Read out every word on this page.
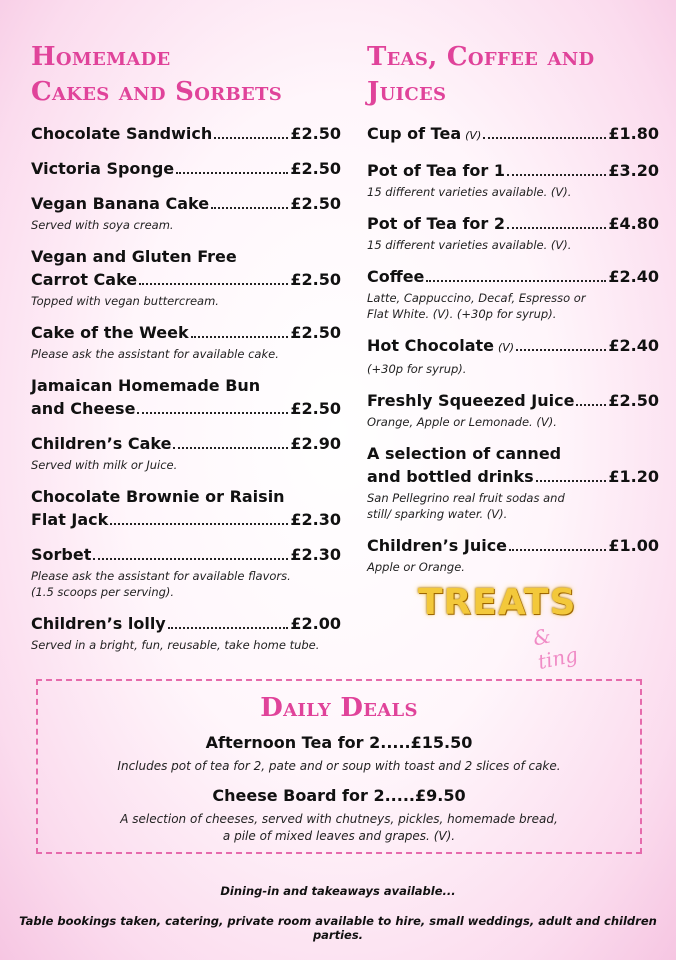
Homemade
Cakes and Sorbets
Chocolate Sandwich	£2.50
Victoria Sponge	£2.50
Vegan Banana Cake	£2.50
Served with soya cream.
Vegan and Gluten Free
Carrot Cake	£2.50
Topped with vegan buttercream.
Cake of the Week	£2.50
Please ask the assistant for available cake.
Jamaican Homemade Bun
and Cheese	£2.50
Children’s Cake	£2.90
Served with milk or Juice.
Chocolate Brownie or Raisin
Flat Jack	£2.30
Sorbet	£2.30
Please ask the assistant for available flavors.
(1.5 scoops per serving).
Children’s lolly	£2.00
Served in a bright, fun, reusable, take home tube.
Teas, Coffee and
Juices
Cup of Tea (V)	£1.80
Pot of Tea for 1	£3.20
15 different varieties available. (V).
Pot of Tea for 2	£4.80
15 different varieties available. (V).
Coffee	£2.40
Latte, Cappuccino, Decaf, Espresso or
Flat White. (V). (+30p for syrup).
Hot Chocolate (V)	£2.40
(+30p for syrup).
Freshly Squeezed Juice £2.50
Orange, Apple or Lemonade. (V).
A selection of canned
and bottled drinks	£1.20
San Pellegrino real fruit sodas and
still/ sparking water. (V).
Children’s Juice	£1.00
Apple or Orange.
TREATS
& ting
Daily Deals
Afternoon Tea for 2.....£15.50
Includes pot of tea for 2, pate and or soup with toast and 2 slices of cake.
Cheese Board for 2.....£9.50
A selection of cheeses, served with chutneys, pickles, homemade bread,
a pile of mixed leaves and grapes. (V).
Dining-in and takeaways available...
Table bookings taken, catering, private room available to hire, small weddings, adult and children parties.
